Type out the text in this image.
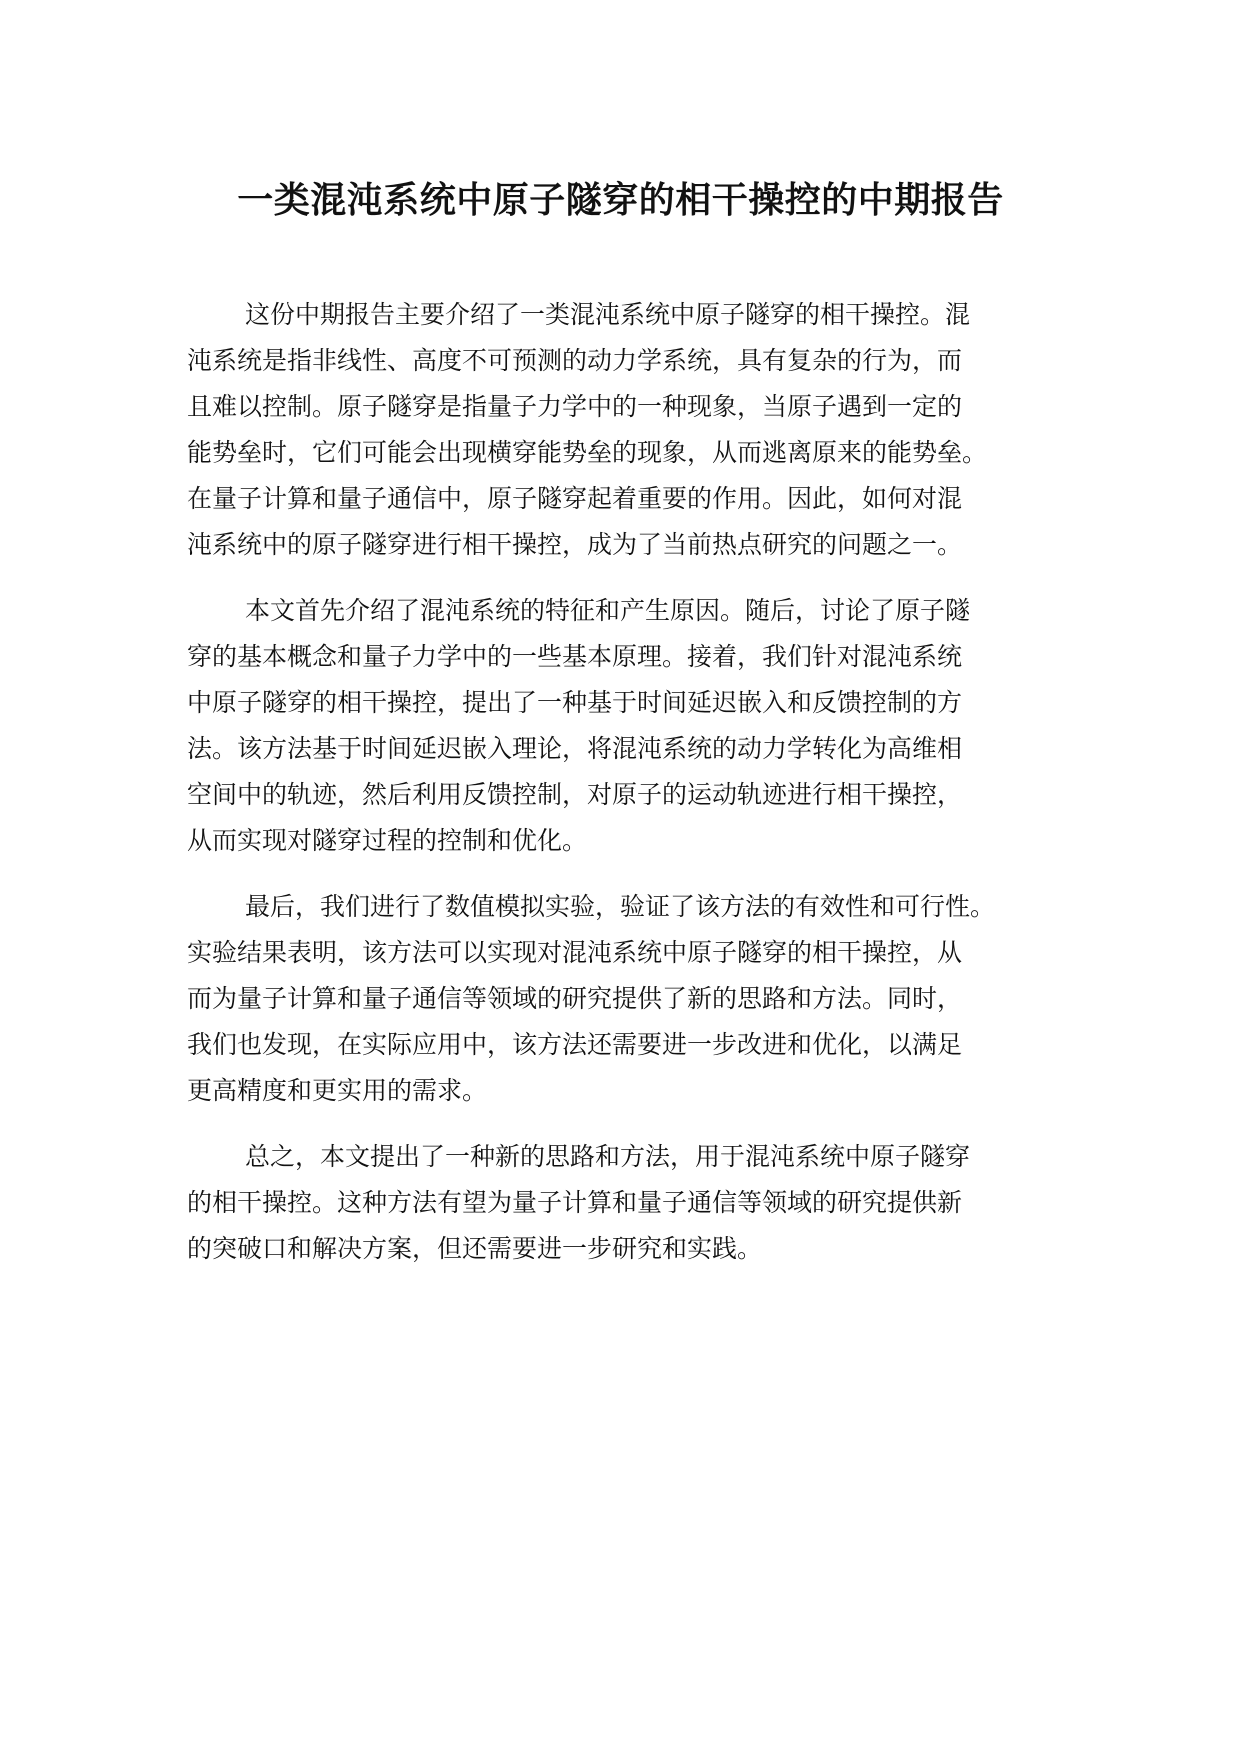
一类混沌系统中原子隧穿的相干操控的中期报告
这份中期报告主要介绍了一类混沌系统中原子隧穿的相干操控。混
沌系统是指非线性、高度不可预测的动力学系统，具有复杂的行为，而
且难以控制。原子隧穿是指量子力学中的一种现象，当原子遇到一定的
能势垒时，它们可能会出现横穿能势垒的现象，从而逃离原来的能势垒。
在量子计算和量子通信中，原子隧穿起着重要的作用。因此，如何对混
沌系统中的原子隧穿进行相干操控，成为了当前热点研究的问题之一。
本文首先介绍了混沌系统的特征和产生原因。随后，讨论了原子隧
穿的基本概念和量子力学中的一些基本原理。接着，我们针对混沌系统
中原子隧穿的相干操控，提出了一种基于时间延迟嵌入和反馈控制的方
法。该方法基于时间延迟嵌入理论，将混沌系统的动力学转化为高维相
空间中的轨迹，然后利用反馈控制，对原子的运动轨迹进行相干操控，
从而实现对隧穿过程的控制和优化。
最后，我们进行了数值模拟实验，验证了该方法的有效性和可行性。
实验结果表明，该方法可以实现对混沌系统中原子隧穿的相干操控，从
而为量子计算和量子通信等领域的研究提供了新的思路和方法。同时，
我们也发现，在实际应用中，该方法还需要进一步改进和优化，以满足
更高精度和更实用的需求。
总之，本文提出了一种新的思路和方法，用于混沌系统中原子隧穿
的相干操控。这种方法有望为量子计算和量子通信等领域的研究提供新
的突破口和解决方案，但还需要进一步研究和实践。
